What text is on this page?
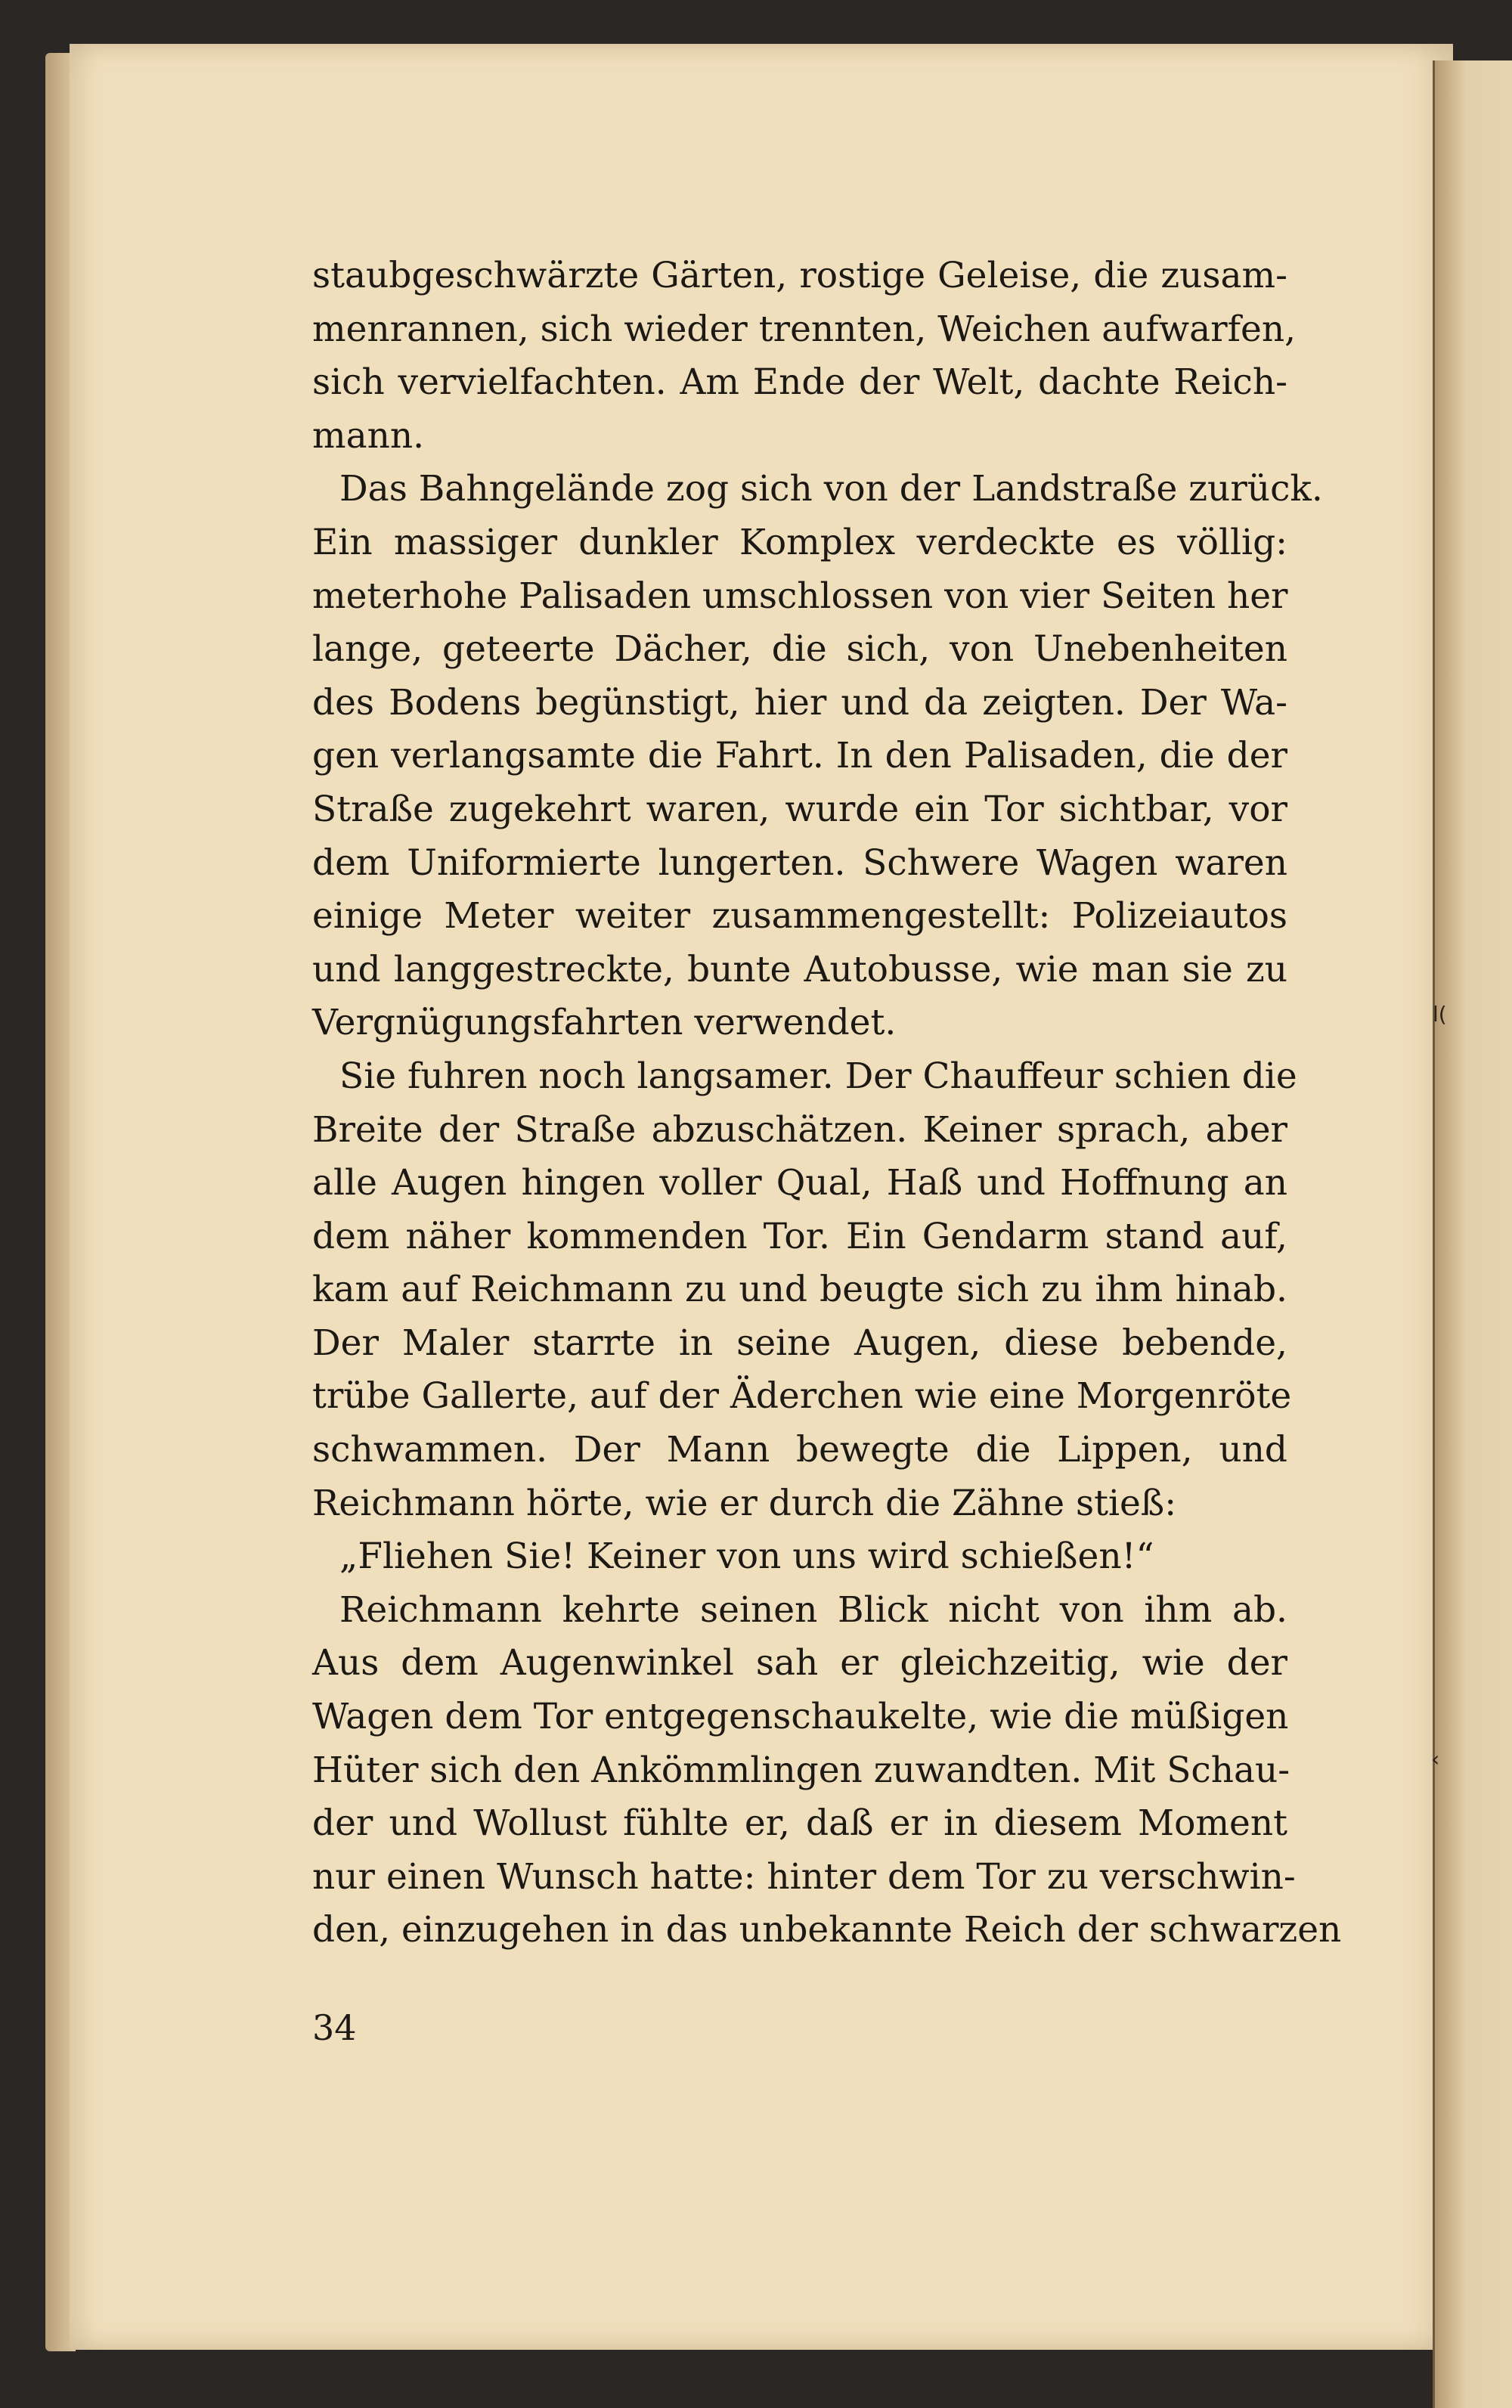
staubgeschwärzte Gärten, rostige Geleise, die zusam-
menrannen, sich wieder trennten, Weichen aufwarfen,
sich vervielfachten. Am Ende der Welt, dachte Reich-
mann.
Das Bahngelände zog sich von der Landstraße zurück.
Ein massiger dunkler Komplex verdeckte es völlig:
meterhohe Palisaden umschlossen von vier Seiten her
lange, geteerte Dächer, die sich, von Unebenheiten
des Bodens begünstigt, hier und da zeigten. Der Wa-
gen verlangsamte die Fahrt. In den Palisaden, die der
Straße zugekehrt waren, wurde ein Tor sichtbar, vor
dem Uniformierte lungerten. Schwere Wagen waren
einige Meter weiter zusammengestellt: Polizeiautos
und langgestreckte, bunte Autobusse, wie man sie zu
Vergnügungsfahrten verwendet.
Sie fuhren noch langsamer. Der Chauffeur schien die
Breite der Straße abzuschätzen. Keiner sprach, aber
alle Augen hingen voller Qual, Haß und Hoffnung an
dem näher kommenden Tor. Ein Gendarm stand auf,
kam auf Reichmann zu und beugte sich zu ihm hinab.
Der Maler starrte in seine Augen, diese bebende,
trübe Gallerte, auf der Äderchen wie eine Morgenröte
schwammen. Der Mann bewegte die Lippen, und
Reichmann hörte, wie er durch die Zähne stieß:
„Fliehen Sie! Keiner von uns wird schießen!“
Reichmann kehrte seinen Blick nicht von ihm ab.
Aus dem Augenwinkel sah er gleichzeitig, wie der
Wagen dem Tor entgegenschaukelte, wie die müßigen
Hüter sich den Ankömmlingen zuwandten. Mit Schau-
der und Wollust fühlte er, daß er in diesem Moment
nur einen Wunsch hatte: hinter dem Tor zu verschwin-
den, einzugehen in das unbekannte Reich der schwarzen
34
l(
‹
